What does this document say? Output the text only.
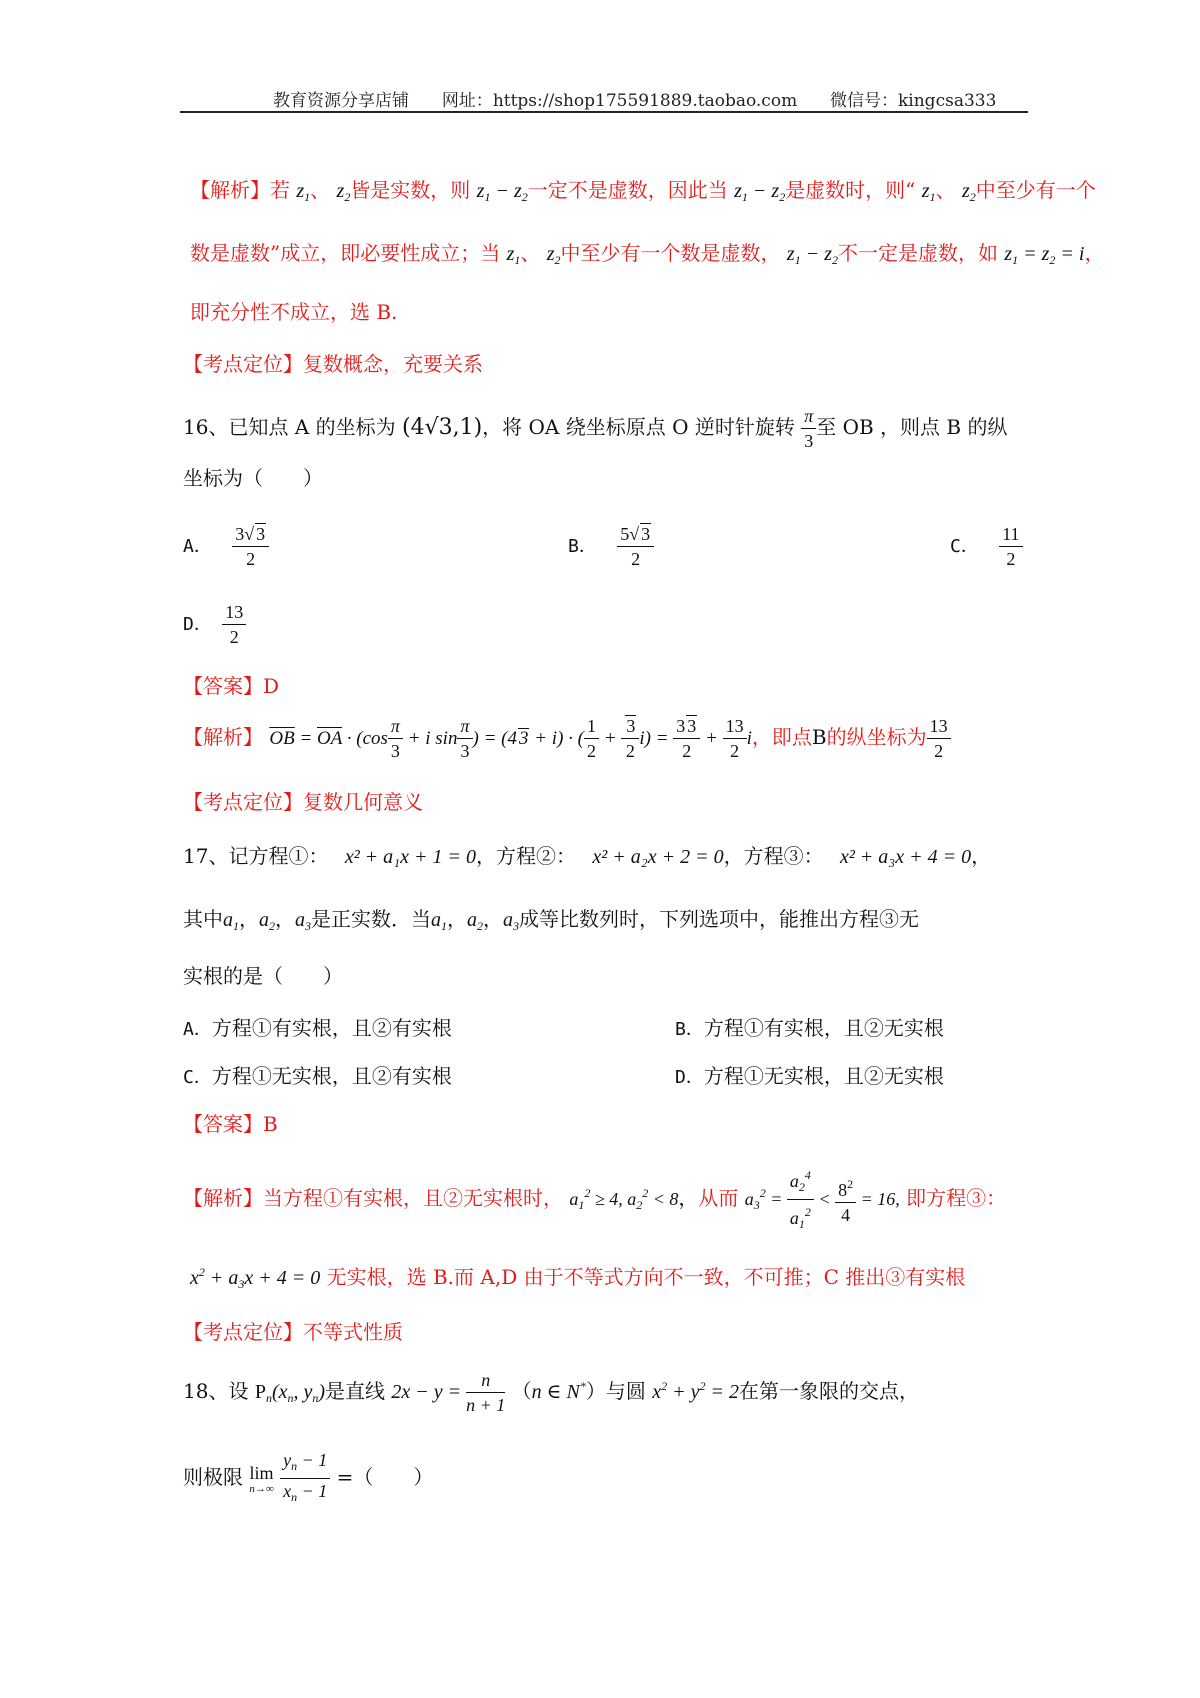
教育资源分享店铺 网址：https://shop175591889.taobao.com 微信号：kingcsa333
【解析】若 $z_1$、 $z_2$皆是实数，则 $z_1 - z_2$一定不是虚数，因此当 $z_1 - z_2$是虚数时，则“ $z_1$、 $z_2$中至少有一个
数是虚数”成立，即必要性成立；当 $z_1$、 $z_2$中至少有一个数是虚数， $z_1 - z_2$不一定是虚数，如 $z_1 = z_2 = i$，
即充分性不成立，选 B.
【考点定位】复数概念，充要关系
16、已知点 A 的坐标为 (4√3,1)，将 OA 绕坐标原点 O 逆时针旋转 $\frac{\pi}{3}$ 至 OB ，则点 B 的纵
坐标为（　　）
A． $\frac{3√ 3}{2}$	B． $\frac{5√ 3}{2}$	C． $\frac{11}{2}$
D． $\frac{13}{2}$
【答案】D
【解析】 $\overline{OB} = \overline{OA} \cdot (\cos \frac{\pi}{3} + i$ $\sin \frac{\pi}{3}$ ) = (4 3 + i) · ( $\frac{1}{2} + \frac{3}{2} i) = \frac{3 3}{2} + \frac{13}{2}$ i，即点B的纵坐标为 $\frac{13}{2}$
【考点定位】复数几何意义
17、记方程①： x² + a₁x + 1 = 0，方程②： x² + a₂x + 2 = 0，方程③： x² + a₃x + 4 = 0，
其中$a_1$，$a_2$，$a_3$是正实数．当$a_1$，$a_2$，$a_3$成等比数列时，下列选项中，能推出方程③无
实根的是（　　）
A．方程①有实根，且②有实根	B．方程①有实根，且②无实根
C．方程①无实根，且②有实根	D．方程①无实根，且②无实根
【答案】B
【解析】当方程①有实根，且②无实根时， $a_1^2 \ge 4$, $a_2^2 < 8$，从而 $a_3^2 = \frac{a_2^4}{a_1^2} < \frac{8^2}{4} = 16$, 即方程③：
$x^2 + a_3x + 4 = 0$ 无实根，选 B.而 A,D 由于不等式方向不一致，不可推；C 推出③有实根
【考点定位】不等式性质
18、设 $P_n(x_n$, $y_n$)是直线 $2x - y = \frac{n}{n + 1} (n$ ∈ N*）与圆 $x^2 + y^2 = 2$在第一象限的交点，
则极限 lim
n→∞
$\frac{y_n - 1}{x_n - 1}$ =（　　）
